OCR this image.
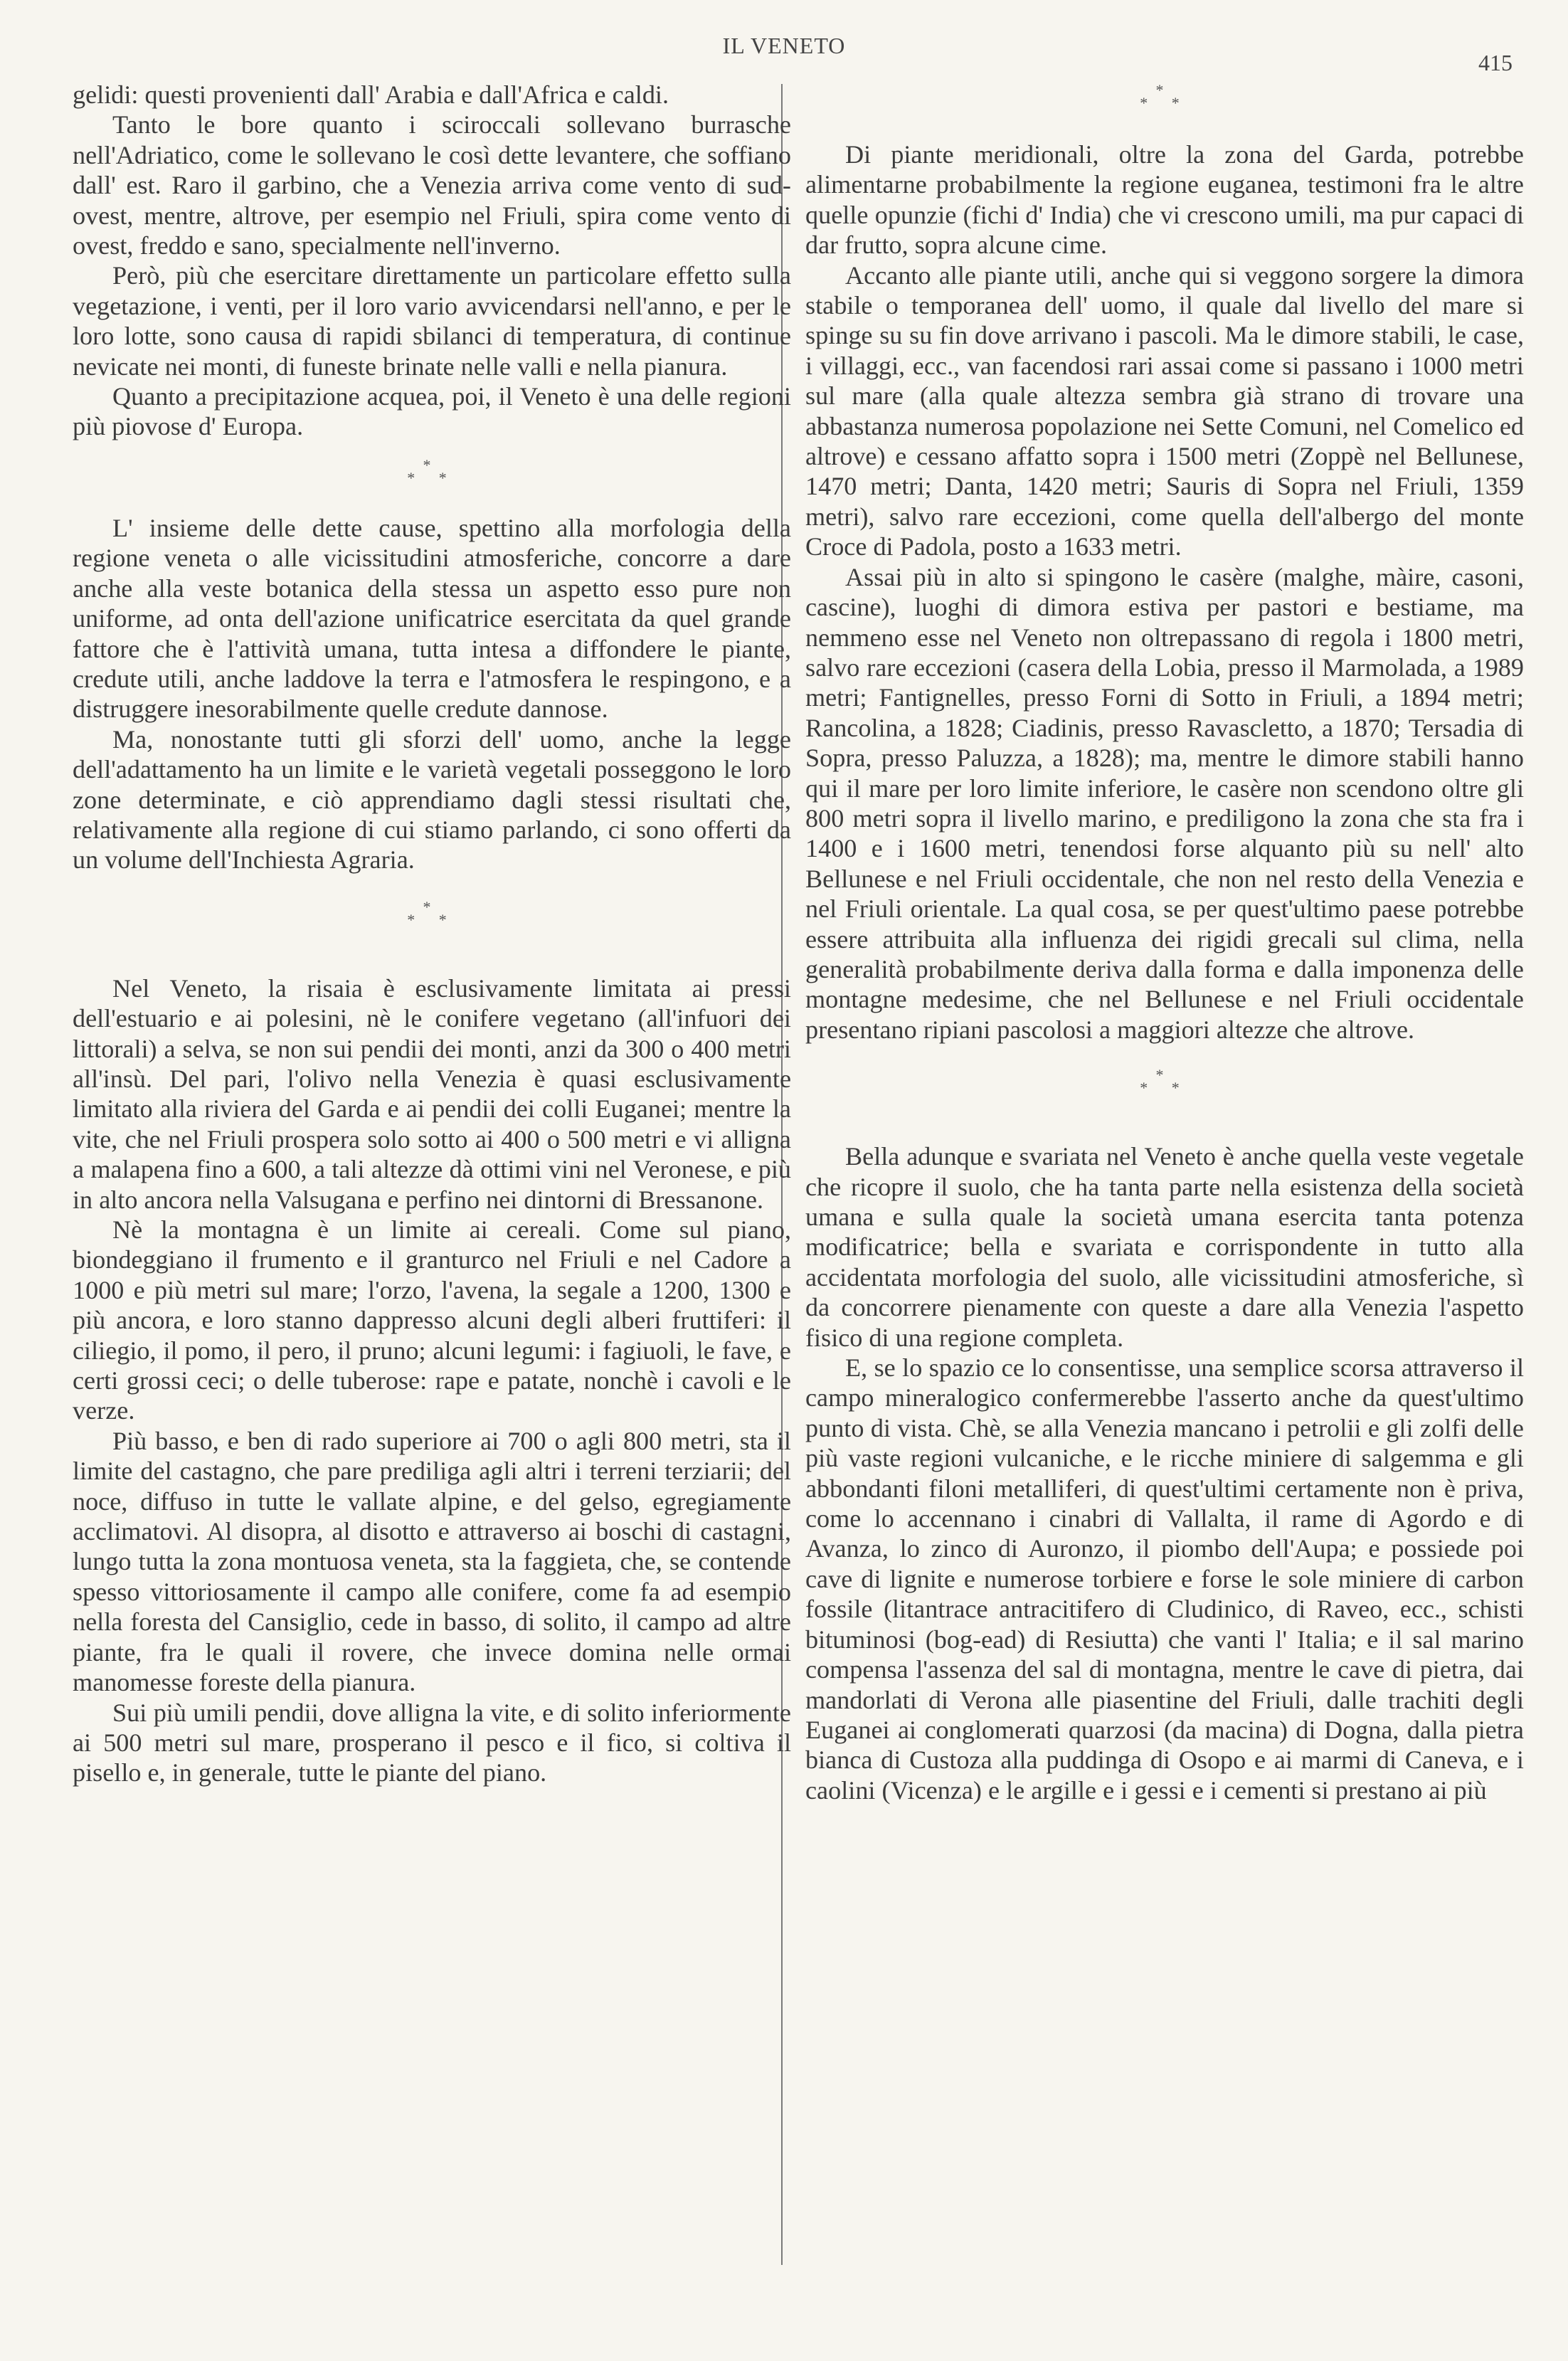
IL VENETO
415

gelidi: questi provenienti dall' Arabia e dall'Africa e caldi.

Tanto le bore quanto i sciroccali sollevano burrasche nell'Adriatico, come le sollevano le così dette levantere, che soffiano dall' est. Raro il garbino, che a Venezia arriva come vento di sud-ovest, mentre, altrove, per esempio nel Friuli, spira come vento di ovest, freddo e sano, specialmente nell'inverno.

Però, più che esercitare direttamente un particolare effetto sulla vegetazione, i venti, per il loro vario avvicendarsi nell'anno, e per le loro lotte, sono causa di rapidi sbilanci di temperatura, di continue nevicate nei monti, di funeste brinate nelle valli e nella pianura.

Quanto a precipitazione acquea, poi, il Veneto è una delle regioni più piovose d' Europa.

*
* *

L' insieme delle dette cause, spettino alla morfologia della regione veneta o alle vicissitudini atmosferiche, concorre a dare anche alla veste botanica della stessa un aspetto esso pure non uniforme, ad onta dell'azione unificatrice esercitata da quel grande fattore che è l'attività umana, tutta intesa a diffondere le piante, credute utili, anche laddove la terra e l'atmosfera le respingono, e a distruggere inesorabilmente quelle credute dannose.

Ma, nonostante tutti gli sforzi dell' uomo, anche la legge dell'adattamento ha un limite e le varietà vegetali posseggono le loro zone determinate, e ciò apprendiamo dagli stessi risultati che, relativamente alla regione di cui stiamo parlando, ci sono offerti da un volume dell'Inchiesta Agraria.

*
* *

Nel Veneto, la risaia è esclusivamente limitata ai pressi dell'estuario e ai polesini, nè le conifere vegetano (all'infuori dei littorali) a selva, se non sui pendii dei monti, anzi da 300 o 400 metri all'insù. Del pari, l'olivo nella Venezia è quasi esclusivamente limitato alla riviera del Garda e ai pendii dei colli Euganei; mentre la vite, che nel Friuli prospera solo sotto ai 400 o 500 metri e vi alligna a malapena fino a 600, a tali altezze dà ottimi vini nel Veronese, e più in alto ancora nella Valsugana e perfino nei dintorni di Bressanone.

Nè la montagna è un limite ai cereali. Come sul piano, biondeggiano il frumento e il granturco nel Friuli e nel Cadore a 1000 e più metri sul mare; l'orzo, l'avena, la segale a 1200, 1300 e più ancora, e loro stanno dappresso alcuni degli alberi fruttiferi: il ciliegio, il pomo, il pero, il pruno; alcuni legumi: i fagiuoli, le fave, e certi grossi ceci; o delle tuberose: rape e patate, nonchè i cavoli e le verze.

Più basso, e ben di rado superiore ai 700 o agli 800 metri, sta il limite del castagno, che pare prediliga agli altri i terreni terziarii; del noce, diffuso in tutte le vallate alpine, e del gelso, egregiamente acclimatovi. Al disopra, al disotto e attraverso ai boschi di castagni, lungo tutta la zona montuosa veneta, sta la faggieta, che, se contende spesso vittoriosamente il campo alle conifere, come fa ad esempio nella foresta del Cansiglio, cede in basso, di solito, il campo ad altre piante, fra le quali il rovere, che invece domina nelle ormai manomesse foreste della pianura.

Sui più umili pendii, dove alligna la vite, e di solito inferiormente ai 500 metri sul mare, prosperano il pesco e il fico, si coltiva il pisello e, in generale, tutte le piante del piano.

*
* *

Di piante meridionali, oltre la zona del Garda, potrebbe alimentarne probabilmente la regione euganea, testimoni fra le altre quelle opunzie (fichi d' India) che vi crescono umili, ma pur capaci di dar frutto, sopra alcune cime.

Accanto alle piante utili, anche qui si veggono sorgere la dimora stabile o temporanea dell' uomo, il quale dal livello del mare si spinge su su fin dove arrivano i pascoli. Ma le dimore stabili, le case, i villaggi, ecc., van facendosi rari assai come si passano i 1000 metri sul mare (alla quale altezza sembra già strano di trovare una abbastanza numerosa popolazione nei Sette Comuni, nel Comelico ed altrove) e cessano affatto sopra i 1500 metri (Zoppè nel Bellunese, 1470 metri; Danta, 1420 metri; Sauris di Sopra nel Friuli, 1359 metri), salvo rare eccezioni, come quella dell'albergo del monte Croce di Padola, posto a 1633 metri.

Assai più in alto si spingono le casère (malghe, màire, casoni, cascine), luoghi di dimora estiva per pastori e bestiame, ma nemmeno esse nel Veneto non oltrepassano di regola i 1800 metri, salvo rare eccezioni (casera della Lobia, presso il Marmolada, a 1989 metri; Fantignelles, presso Forni di Sotto in Friuli, a 1894 metri; Rancolina, a 1828; Ciadinis, presso Ravascletto, a 1870; Tersadia di Sopra, presso Paluzza, a 1828); ma, mentre le dimore stabili hanno qui il mare per loro limite inferiore, le casère non scendono oltre gli 800 metri sopra il livello marino, e prediligono la zona che sta fra i 1400 e i 1600 metri, tenendosi forse alquanto più su nell' alto Bellunese e nel Friuli occidentale, che non nel resto della Venezia e nel Friuli orientale. La qual cosa, se per quest'ultimo paese potrebbe essere attribuita alla influenza dei rigidi grecali sul clima, nella generalità probabilmente deriva dalla forma e dalla imponenza delle montagne medesime, che nel Bellunese e nel Friuli occidentale presentano ripiani pascolosi a maggiori altezze che altrove.

*
* *

Bella adunque e svariata nel Veneto è anche quella veste vegetale che ricopre il suolo, che ha tanta parte nella esistenza della società umana e sulla quale la società umana esercita tanta potenza modificatrice; bella e svariata e corrispondente in tutto alla accidentata morfologia del suolo, alle vicissitudini atmosferiche, sì da concorrere pienamente con queste a dare alla Venezia l'aspetto fisico di una regione completa.

E, se lo spazio ce lo consentisse, una semplice scorsa attraverso il campo mineralogico confermerebbe l'asserto anche da quest'ultimo punto di vista. Chè, se alla Venezia mancano i petrolii e gli zolfi delle più vaste regioni vulcaniche, e le ricche miniere di salgemma e gli abbondanti filoni metalliferi, di quest'ultimi certamente non è priva, come lo accennano i cinabri di Vallalta, il rame di Agordo e di Avanza, lo zinco di Auronzo, il piombo dell'Aupa; e possiede poi cave di lignite e numerose torbiere e forse le sole miniere di carbon fossile (litantrace antracitifero di Cludinico, di Raveo, ecc., schisti bituminosi (bog-ead) di Resiutta) che vanti l' Italia; e il sal marino compensa l'assenza del sal di montagna, mentre le cave di pietra, dai mandorlati di Verona alle piasentine del Friuli, dalle trachiti degli Euganei ai conglomerati quarzosi (da macina) di Dogna, dalla pietra bianca di Custoza alla puddinga di Osopo e ai marmi di Caneva, e i caolini (Vicenza) e le argille e i gessi e i cementi si prestano ai più
